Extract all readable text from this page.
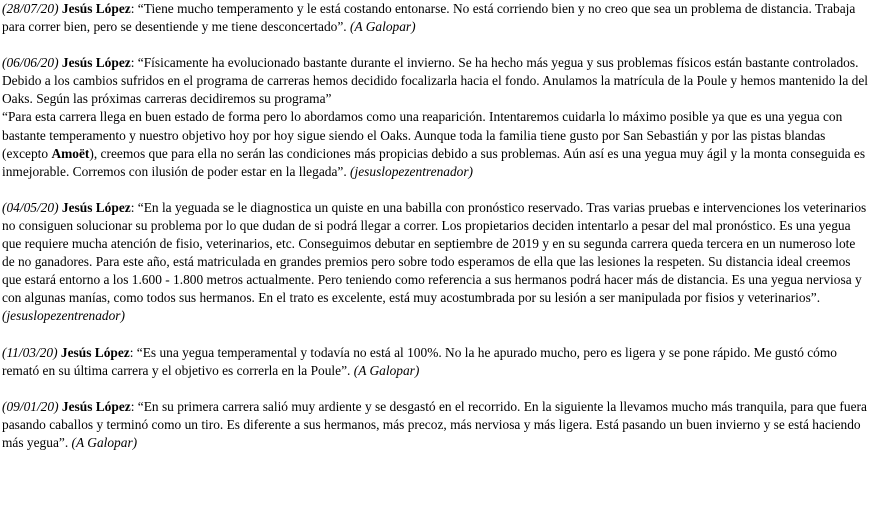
(28/07/20) Jesús López: “Tiene mucho temperamento y le está costando entonarse. No está corriendo bien y no creo que sea un problema de distancia. Trabaja para correr bien, pero se desentiende y me tiene desconcertado”. (A Galopar)

(06/06/20) Jesús López: “Físicamente ha evolucionado bastante durante el invierno. Se ha hecho más yegua y sus problemas físicos están bastante controlados. Debido a los cambios sufridos en el programa de carreras hemos decidido focalizarla hacia el fondo. Anulamos la matrícula de la Poule y hemos mantenido la del Oaks. Según las próximas carreras decidiremos su programa”

“Para esta carrera llega en buen estado de forma pero lo abordamos como una reaparición. Intentaremos cuidarla lo máximo posible ya que es una yegua con bastante temperamento y nuestro objetivo hoy por hoy sigue siendo el Oaks. Aunque toda la familia tiene gusto por San Sebastián y por las pistas blandas (excepto Amoët), creemos que para ella no serán las condiciones más propicias debido a sus problemas. Aún así es una yegua muy ágil y la monta conseguida es inmejorable. Corremos con ilusión de poder estar en la llegada”. (jesuslopezentrenador)

(04/05/20) Jesús López: “En la yeguada se le diagnostica un quiste en una babilla con pronóstico reservado. Tras varias pruebas e intervenciones los veterinarios no consiguen solucionar su problema por lo que dudan de si podrá llegar a correr. Los propietarios deciden intentarlo a pesar del mal pronóstico. Es una yegua que requiere mucha atención de fisio, veterinarios, etc. Conseguimos debutar en septiembre de 2019 y en su segunda carrera queda tercera en un numeroso lote de no ganadores. Para este año, está matriculada en grandes premios pero sobre todo esperamos de ella que las lesiones la respeten. Su distancia ideal creemos que estará entorno a los 1.600 - 1.800 metros actualmente. Pero teniendo como referencia a sus hermanos podrá hacer más de distancia. Es una yegua nerviosa y con algunas manías, como todos sus hermanos. En el trato es excelente, está muy acostumbrada por su lesión a ser manipulada por fisios y veterinarios”. (jesuslopezentrenador)

(11/03/20) Jesús López: “Es una yegua temperamental y todavía no está al 100%. No la he apurado mucho, pero es ligera y se pone rápido. Me gustó cómo remató en su última carrera y el objetivo es correrla en la Poule”. (A Galopar)

(09/01/20) Jesús López: “En su primera carrera salió muy ardiente y se desgastó en el recorrido. En la siguiente la llevamos mucho más tranquila, para que fuera pasando caballos y terminó como un tiro. Es diferente a sus hermanos, más precoz, más nerviosa y más ligera. Está pasando un buen invierno y se está haciendo más yegua”. (A Galopar)
